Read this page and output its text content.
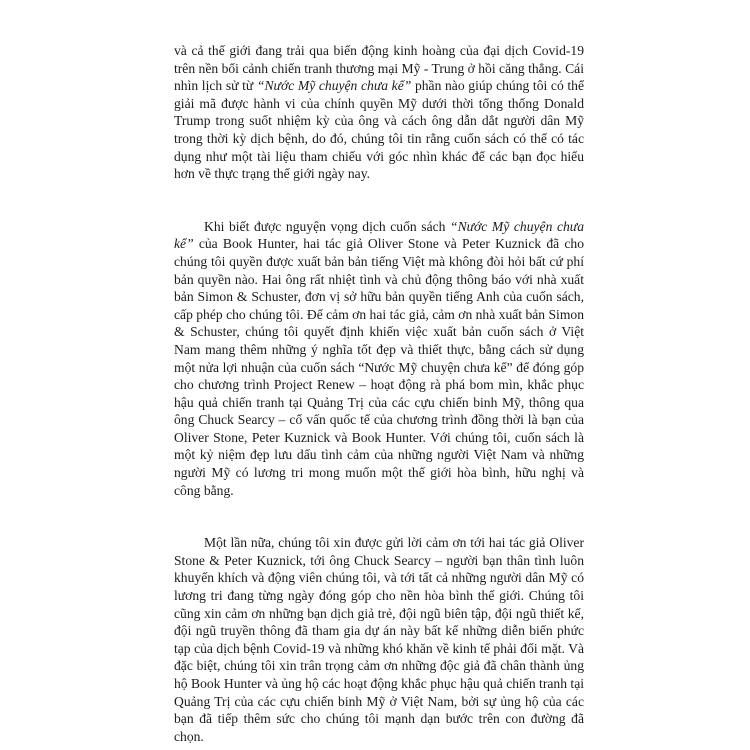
và cả thế giới đang trải qua biến động kinh hoàng của đại dịch Covid-19 trên nền bối cảnh chiến tranh thương mại Mỹ - Trung ở hồi căng thẳng. Cái nhìn lịch sử từ “Nước Mỹ chuyện chưa kể” phần nào giúp chúng tôi có thể giải mã được hành vi của chính quyền Mỹ dưới thời tổng thống Donald Trump trong suốt nhiệm kỳ của ông và cách ông dẫn dắt người dân Mỹ trong thời kỳ dịch bệnh, do đó, chúng tôi tin rằng cuốn sách có thể có tác dụng như một tài liệu tham chiếu với góc nhìn khác để các bạn đọc hiểu hơn về thực trạng thế giới ngày nay.

Khi biết được nguyện vọng dịch cuốn sách “Nước Mỹ chuyện chưa kể” của Book Hunter, hai tác giả Oliver Stone và Peter Kuznick đã cho chúng tôi quyền được xuất bản bản tiếng Việt mà không đòi hỏi bất cứ phí bản quyền nào. Hai ông rất nhiệt tình và chủ động thông báo với nhà xuất bản Simon & Schuster, đơn vị sở hữu bản quyền tiếng Anh của cuốn sách, cấp phép cho chúng tôi. Để cảm ơn hai tác giả, cảm ơn nhà xuất bản Simon & Schuster, chúng tôi quyết định khiến việc xuất bản cuốn sách ở Việt Nam mang thêm những ý nghĩa tốt đẹp và thiết thực, bằng cách sử dụng một nửa lợi nhuận của cuốn sách “Nước Mỹ chuyện chưa kể” để đóng góp cho chương trình Project Renew – hoạt động rà phá bom mìn, khắc phục hậu quả chiến tranh tại Quảng Trị của các cựu chiến binh Mỹ, thông qua ông Chuck Searcy – cố vấn quốc tế của chương trình đồng thời là bạn của Oliver Stone, Peter Kuznick và Book Hunter. Với chúng tôi, cuốn sách là một kỷ niệm đẹp lưu dấu tình cảm của những người Việt Nam và những người Mỹ có lương tri mong muốn một thế giới hòa bình, hữu nghị và công bằng.

Một lần nữa, chúng tôi xin được gửi lời cảm ơn tới hai tác giả Oliver Stone & Peter Kuznick, tới ông Chuck Searcy – người bạn thân tình luôn khuyến khích và động viên chúng tôi, và tới tất cả những người dân Mỹ có lương tri đang từng ngày đóng góp cho nền hòa bình thế giới. Chúng tôi cũng xin cảm ơn những bạn dịch giả trẻ, đội ngũ biên tập, đội ngũ thiết kế, đội ngũ truyền thông đã tham gia dự án này bất kể những diễn biến phức tạp của dịch bệnh Covid-19 và những khó khăn về kinh tế phải đối mặt. Và đặc biệt, chúng tôi xin trân trọng cảm ơn những độc giả đã chân thành ủng hộ Book Hunter và ủng hộ các hoạt động khắc phục hậu quả chiến tranh tại Quảng Trị của các cựu chiến binh Mỹ ở Việt Nam, bởi sự ủng hộ của các bạn đã tiếp thêm sức cho chúng tôi mạnh dạn bước trên con đường đã chọn.
